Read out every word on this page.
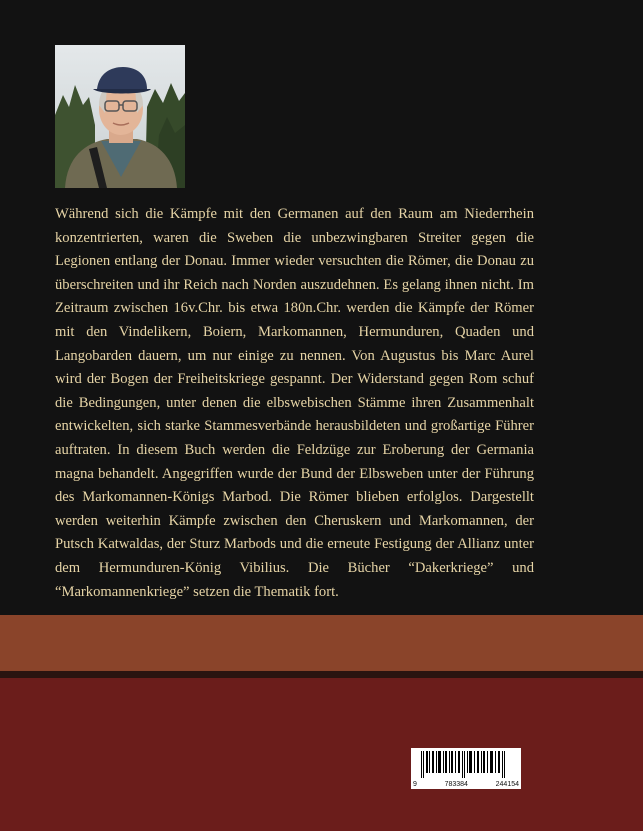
Während sich die Kämpfe mit den Germanen auf den Raum am Niederrhein konzentrierten, waren die Sweben die unbezwingbaren Streiter gegen die Legionen entlang der Donau. Immer wieder versuchten die Römer, die Donau zu überschreiten und ihr Reich nach Norden auszudehnen. Es gelang ihnen nicht. Im Zeitraum zwischen 16v.Chr. bis etwa 180n.Chr. werden die Kämpfe der Römer mit den Vindelikern, Boiern, Markomannen, Hermunduren, Quaden und Langobarden dauern, um nur einige zu nennen. Von Augustus bis Marc Aurel wird der Bogen der Freiheitskriege gespannt. Der Widerstand gegen Rom schuf die Bedingungen, unter denen die elbswebischen Stämme ihren Zusammenhalt entwickelten, sich starke Stammesverbände herausbildeten und großartige Führer auftraten. In diesem Buch werden die Feldzüge zur Eroberung der Germania magna behandelt. Angegriffen wurde der Bund der Elbsweben unter der Führung des Markomannen-Königs Marbod. Die Römer blieben erfolglos. Dargestellt werden weiterhin Kämpfe zwischen den Cheruskern und Markomannen, der Putsch Katwaldas, der Sturz Marbods und die erneute Festigung der Allianz unter dem Hermunduren-König Vibilius. Die Bücher “Dakerkriege” und “Markomannenkriege” setzen die Thematik fort.

9	783384	244154
